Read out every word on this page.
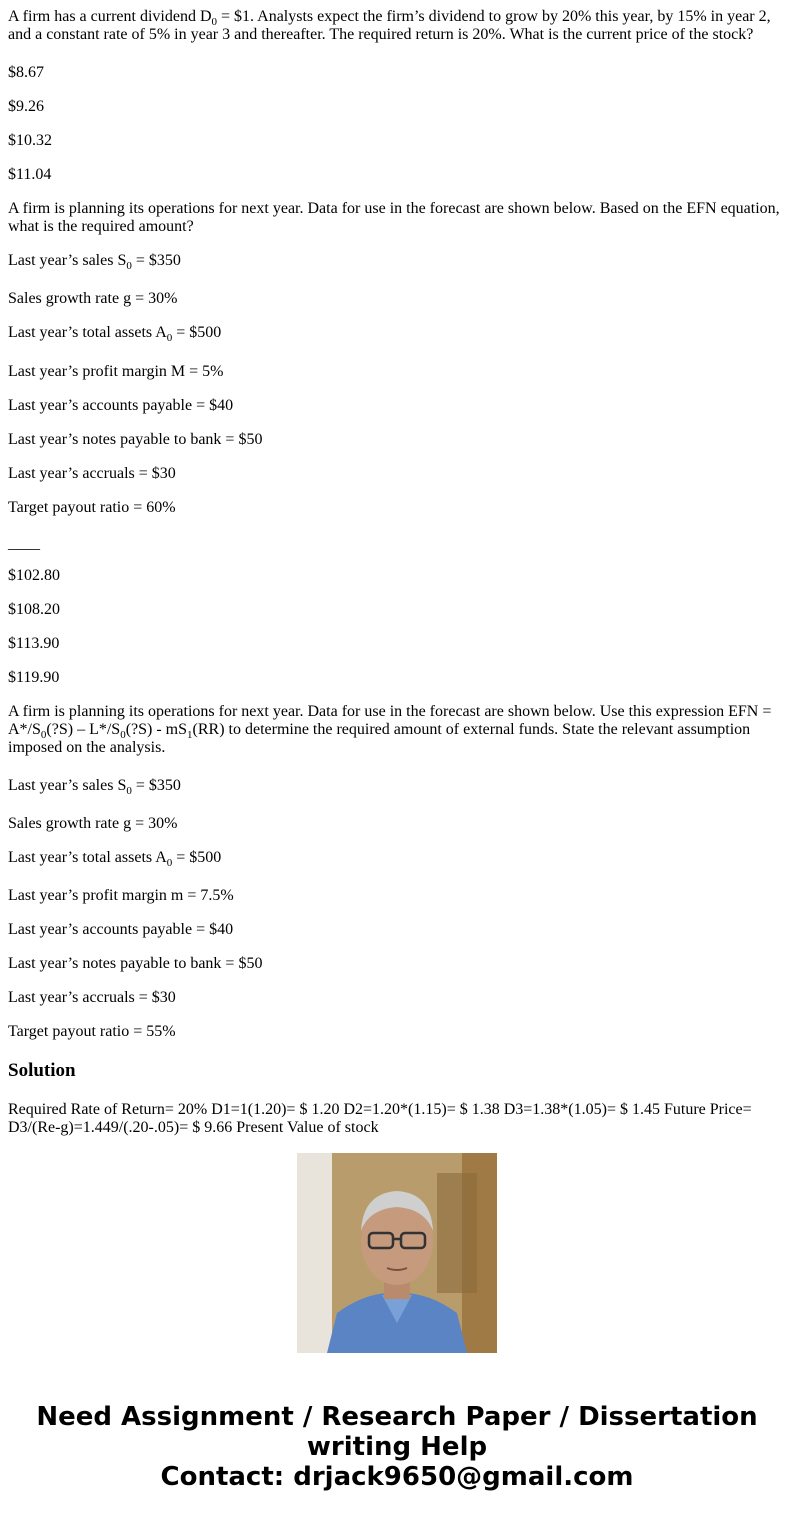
A firm has a current dividend $D_0$ = $1. Analysts expect the firm’s dividend to grow by 20% this year, by 15% in year 2, and a constant rate of 5% in year 3 and thereafter. The required return is 20%. What is the current price of the stock?

$8.67

$9.26

$10.32

$11.04

A firm is planning its operations for next year. Data for use in the forecast are shown below. Based on the EFN equation, what is the required amount?

Last year’s sales $S_0$ = $350

Sales growth rate g = 30%

Last year’s total assets $A_0$ = $500

Last year’s profit margin M = 5%

Last year’s accounts payable = $40

Last year’s notes payable to bank = $50

Last year’s accruals = $30

Target payout ratio = 60%

____

$102.80

$108.20

$113.90

$119.90

A firm is planning its operations for next year. Data for use in the forecast are shown below. Use this expression EFN = $A*/S_0(?S)$ – $L*/S_0(?S) - mS_1(RR)$ to determine the required amount of external funds. State the relevant assumption imposed on the analysis.

Last year’s sales $S_0$ = $350

Sales growth rate g = 30%

Last year’s total assets $A_0$ = $500

Last year’s profit margin m = 7.5%

Last year’s accounts payable = $40

Last year’s notes payable to bank = $50

Last year’s accruals = $30

Target payout ratio = 55%

Solution
Required Rate of Return= 20% D1=1(1.20)= $ 1.20 D2=1.20*(1.15)= $ 1.38 D3=1.38*(1.05)= $ 1.45 Future Price= D3/(Re-g)=1.449/(.20-.05)= $ 9.66 Present Value of stock
Need Assignment / Research Paper / Dissertation
writing Help
Contact: drjack9650@gmail.com
